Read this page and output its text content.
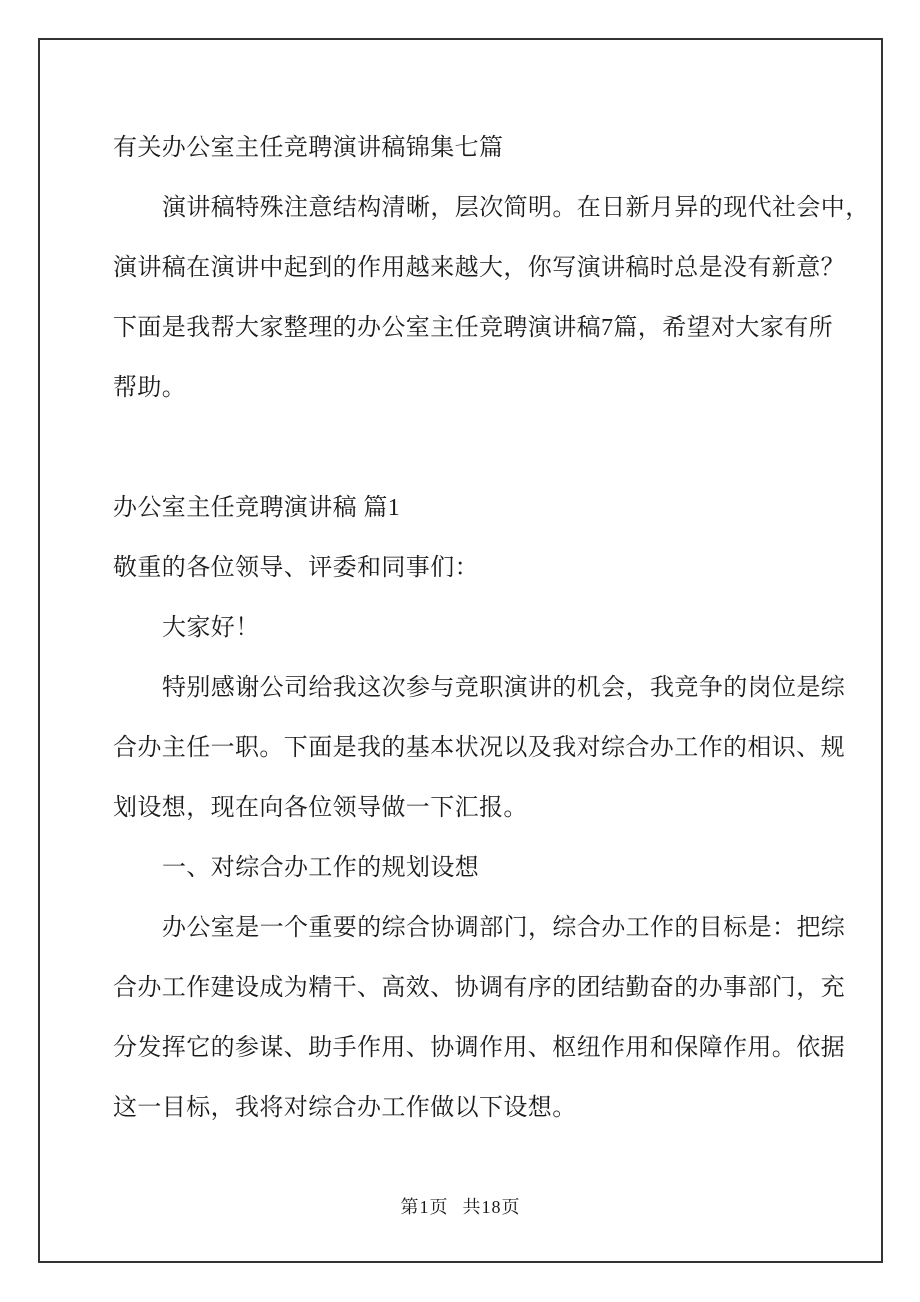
有关办公室主任竞聘演讲稿锦集七篇
演讲稿特殊注意结构清晰，层次简明。在日新月异的现代社会中，
演讲稿在演讲中起到的作用越来越大，你写演讲稿时总是没有新意？
下面是我帮大家整理的办公室主任竞聘演讲稿7篇，希望对大家有所
帮助。
办公室主任竞聘演讲稿 篇1
敬重的各位领导、评委和同事们：
大家好！
特别感谢公司给我这次参与竞职演讲的机会，我竞争的岗位是综
合办主任一职。下面是我的基本状况以及我对综合办工作的相识、规
划设想，现在向各位领导做一下汇报。
一、对综合办工作的规划设想
办公室是一个重要的综合协调部门，综合办工作的目标是：把综
合办工作建设成为精干、高效、协调有序的团结勤奋的办事部门，充
分发挥它的参谋、助手作用、协调作用、枢纽作用和保障作用。依据
这一目标，我将对综合办工作做以下设想。
第1页 共18页
